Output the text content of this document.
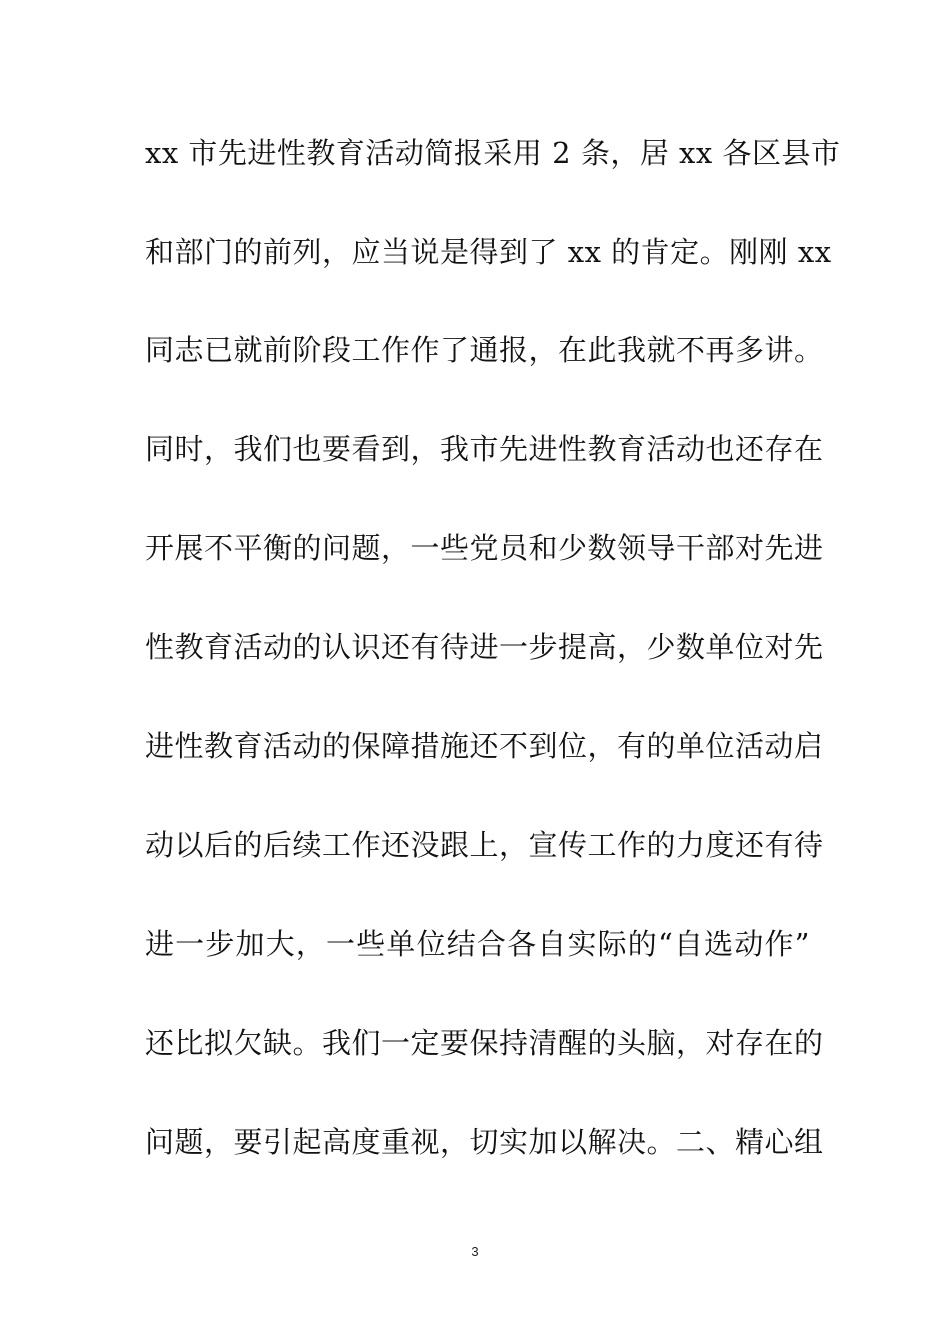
xx 市先进性教育活动简报采用 2 条，居 xx 各区县市
和部门的前列，应当说是得到了 xx 的肯定。刚刚 xx
同志已就前阶段工作作了通报，在此我就不再多讲。
同时，我们也要看到，我市先进性教育活动也还存在
开展不平衡的问题，一些党员和少数领导干部对先进
性教育活动的认识还有待进一步提高，少数单位对先
进性教育活动的保障措施还不到位，有的单位活动启
动以后的后续工作还没跟上，宣传工作的力度还有待
进一步加大，一些单位结合各自实际的“自选动作”
还比拟欠缺。我们一定要保持清醒的头脑，对存在的
问题，要引起高度重视，切实加以解决。二、精心组
3
